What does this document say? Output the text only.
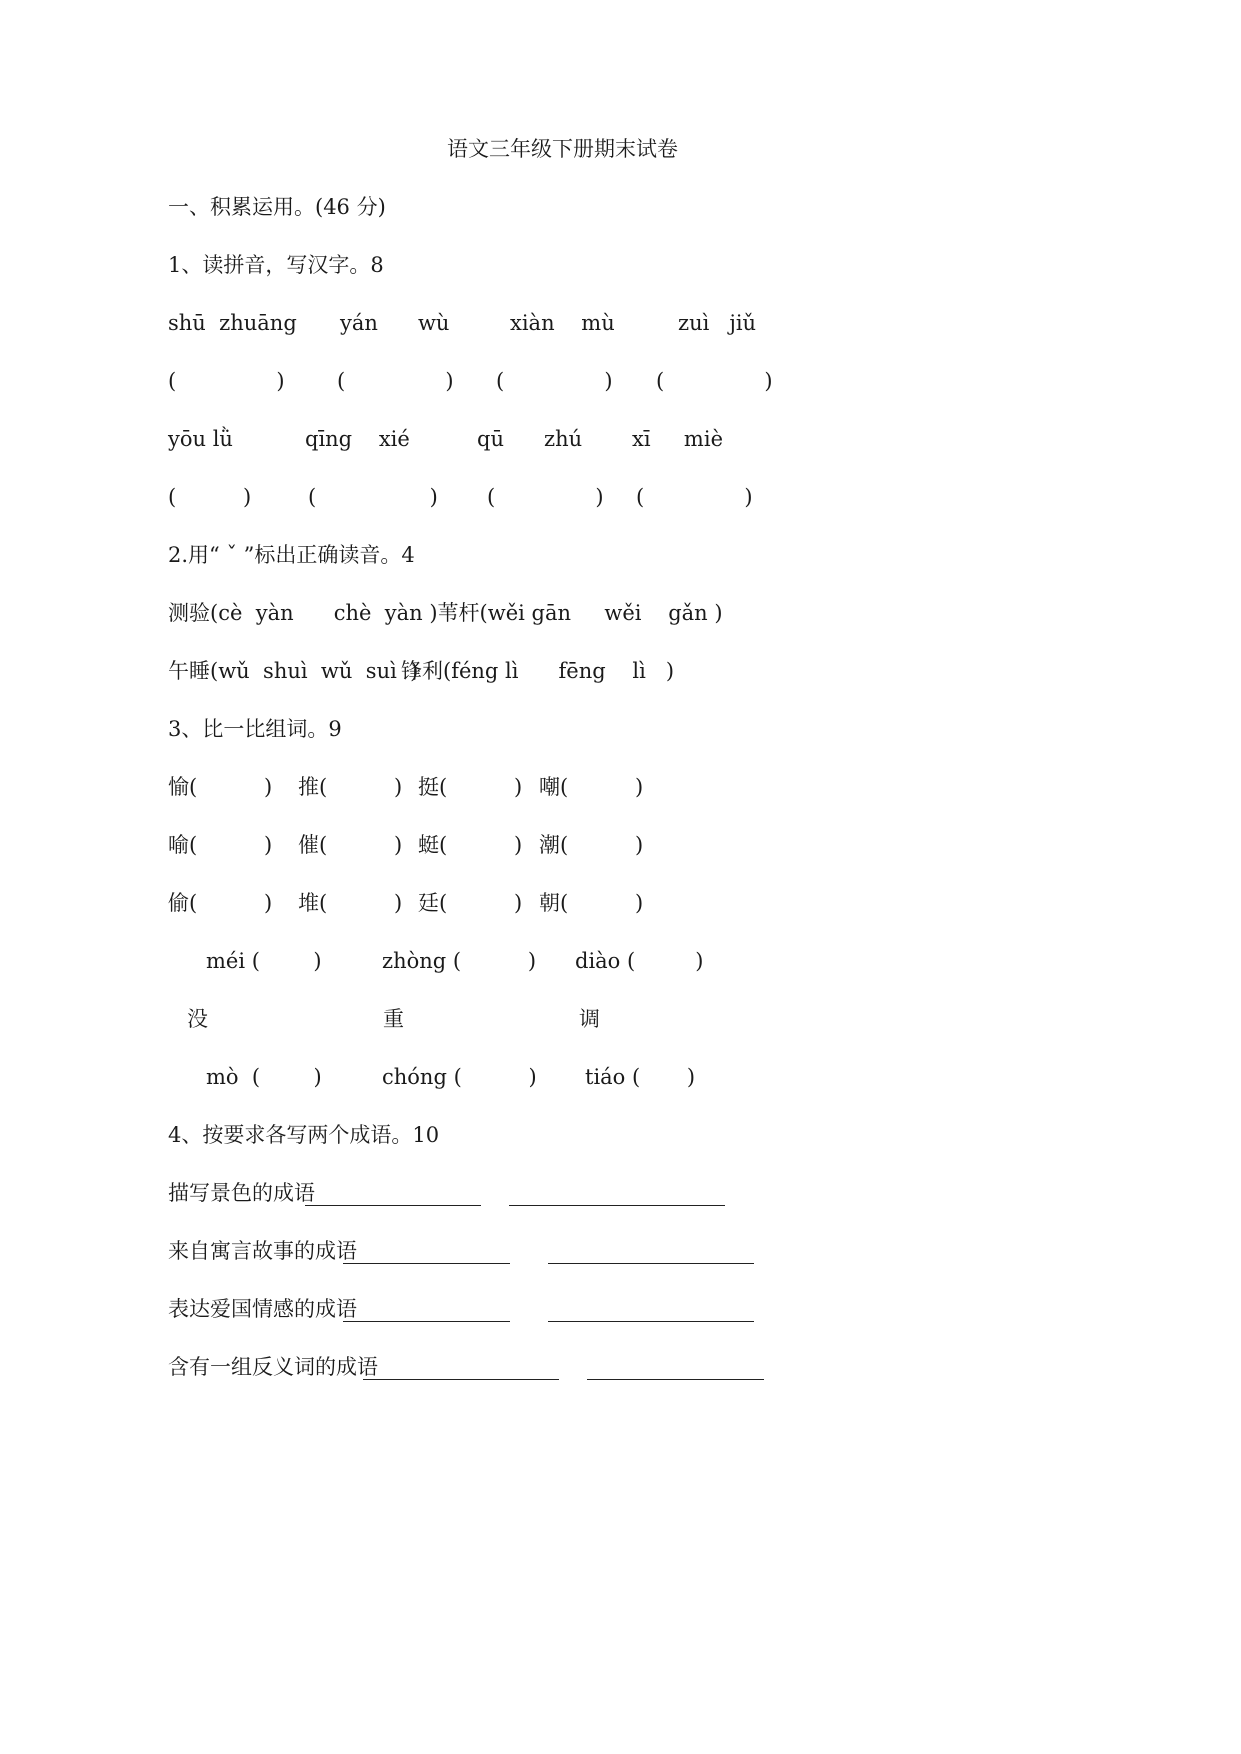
语文三年级下册期末试卷
一、积累运用。(46 分)
1、读拼音，写汉字。8
shū  zhuāng yán      wù	xiàn    mù	zuì   jiǔ
(               ) (               ) (               ) (               )
yōu lǜ	qīng    xié	qū      zhú xī     miè
(          )	(                 ) (               ) (               )
2.用“ ˇ ”标出正确读音。4
测验(cè  yàn      chè  yàn )苇杆(wěi gān     wěi    gǎn )
午睡(wǔ  shuì  wǔ  suì  )
锋利(féng lì      fēng    lì   )
3、比一比组词。9
愉(          ) 推(          ) 挺(          ) 嘲(          )
喻(          ) 催(          ) 蜓(          ) 潮(          )
偷(          ) 堆(          ) 廷(          ) 朝(          )
méi (        )	zhòng (          ) diào (         )
没	重	调
mò  (        )	chóng (          ) tiáo (       )
4、按要求各写两个成语。10
描写景色的成语
来自寓言故事的成语
表达爱国情感的成语
含有一组反义词的成语
